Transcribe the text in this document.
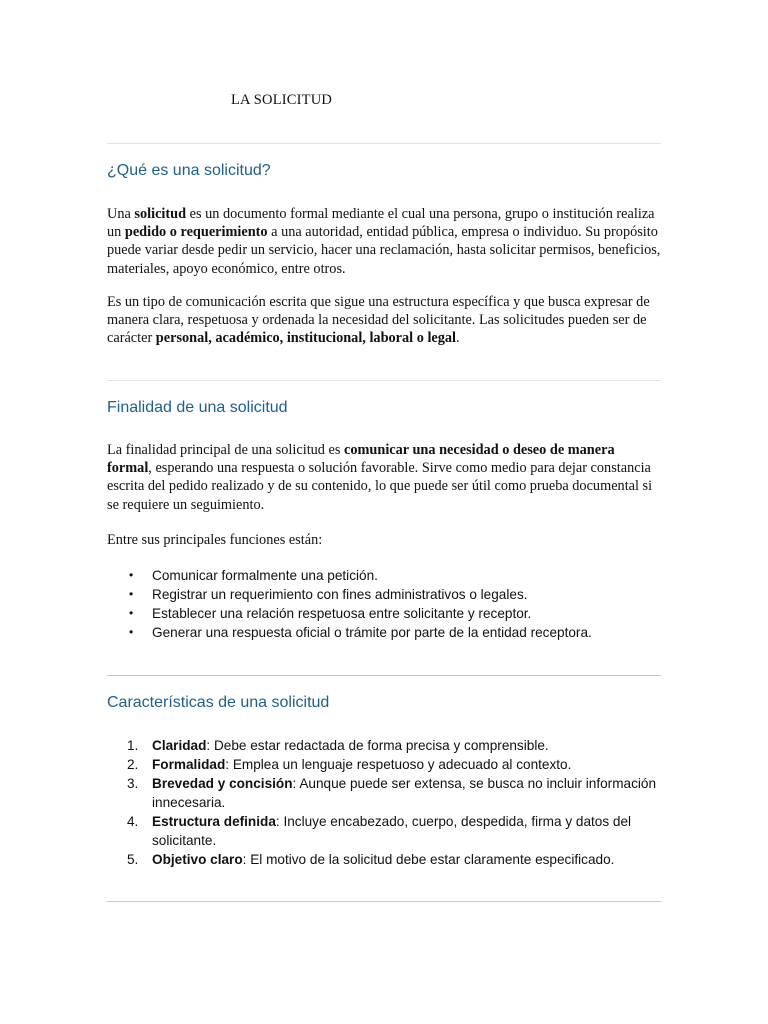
LA SOLICITUD
¿Qué es una solicitud?

Una solicitud es un documento formal mediante el cual una persona, grupo o institución realiza un pedido o requerimiento a una autoridad, entidad pública, empresa o individuo. Su propósito puede variar desde pedir un servicio, hacer una reclamación, hasta solicitar permisos, beneficios, materiales, apoyo económico, entre otros.

Es un tipo de comunicación escrita que sigue una estructura específica y que busca expresar de manera clara, respetuosa y ordenada la necesidad del solicitante. Las solicitudes pueden ser de carácter personal, académico, institucional, laboral o legal.

Finalidad de una solicitud

La finalidad principal de una solicitud es comunicar una necesidad o deseo de manera formal, esperando una respuesta o solución favorable. Sirve como medio para dejar constancia escrita del pedido realizado y de su contenido, lo que puede ser útil como prueba documental si se requiere un seguimiento.

Entre sus principales funciones están:

• Comunicar formalmente una petición.
• Registrar un requerimiento con fines administrativos o legales.
• Establecer una relación respetuosa entre solicitante y receptor.
• Generar una respuesta oficial o trámite por parte de la entidad receptora.
Características de una solicitud
1.	Claridad: Debe estar redactada de forma precisa y comprensible.
2.	Formalidad: Emplea un lenguaje respetuoso y adecuado al contexto.
3.	Brevedad y concisión: Aunque puede ser extensa, se busca no incluir información innecesaria.
4.	Estructura definida: Incluye encabezado, cuerpo, despedida, firma y datos del solicitante.
5.	Objetivo claro: El motivo de la solicitud debe estar claramente especificado.
